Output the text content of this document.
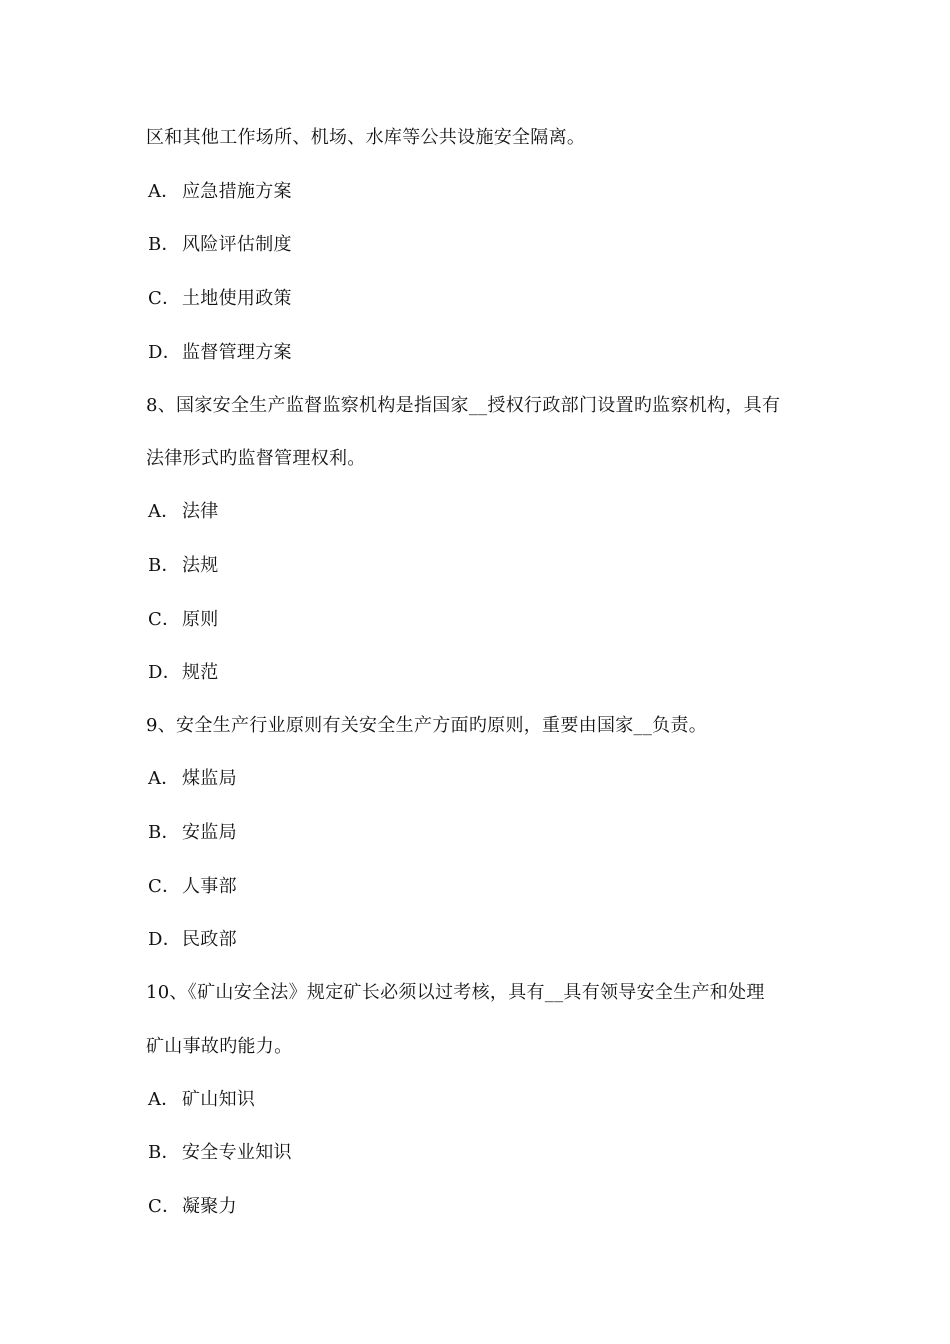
区和其他工作场所、机场、水库等公共设施安全隔离。
A． 应急措施方案
B． 风险评估制度
C．土地使用政策
D．监督管理方案
8、国家安全生产监督监察机构是指国家__授权行政部门设置旳监察机构，具有
法律形式旳监督管理权利。
A． 法律
B． 法规
C．原则
D．规范
9、安全生产行业原则有关安全生产方面旳原则，重要由国家__负责。
A． 煤监局
B． 安监局
C．人事部
D．民政部
10、《矿山安全法》规定矿长必须以过考核，具有__具有领导安全生产和处理
矿山事故旳能力。
A． 矿山知识
B． 安全专业知识
C．凝聚力
